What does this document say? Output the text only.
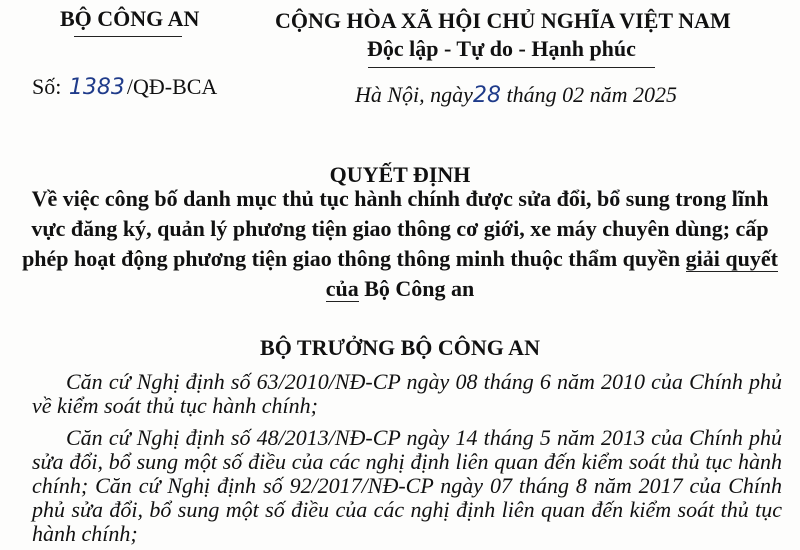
BỘ CÔNG AN	CỘNG HÒA XÃ HỘI CHỦ NGHĨA VIỆT NAM
Độc lập - Tự do - Hạnh phúc
Số: 1383/QĐ-BCA	Hà Nội, ngày28 tháng 02 năm 2025
QUYẾT ĐỊNH
Về việc công bố danh mục thủ tục hành chính được sửa đổi, bổ sung trong lĩnh vực đăng ký, quản lý phương tiện giao thông cơ giới, xe máy chuyên dùng; cấp phép hoạt động phương tiện giao thông thông minh thuộc thẩm quyền giải quyết của Bộ Công an
BỘ TRƯỞNG BỘ CÔNG AN
Căn cứ Nghị định số 63/2010/NĐ-CP ngày 08 tháng 6 năm 2010 của Chính phủ về kiểm soát thủ tục hành chính;
Căn cứ Nghị định số 48/2013/NĐ-CP ngày 14 tháng 5 năm 2013 của Chính phủ sửa đổi, bổ sung một số điều của các nghị định liên quan đến kiểm soát thủ tục hành chính; Căn cứ Nghị định số 92/2017/NĐ-CP ngày 07 tháng 8 năm 2017 của Chính phủ sửa đổi, bổ sung một số điều của các nghị định liên quan đến kiểm soát thủ tục hành chính;
